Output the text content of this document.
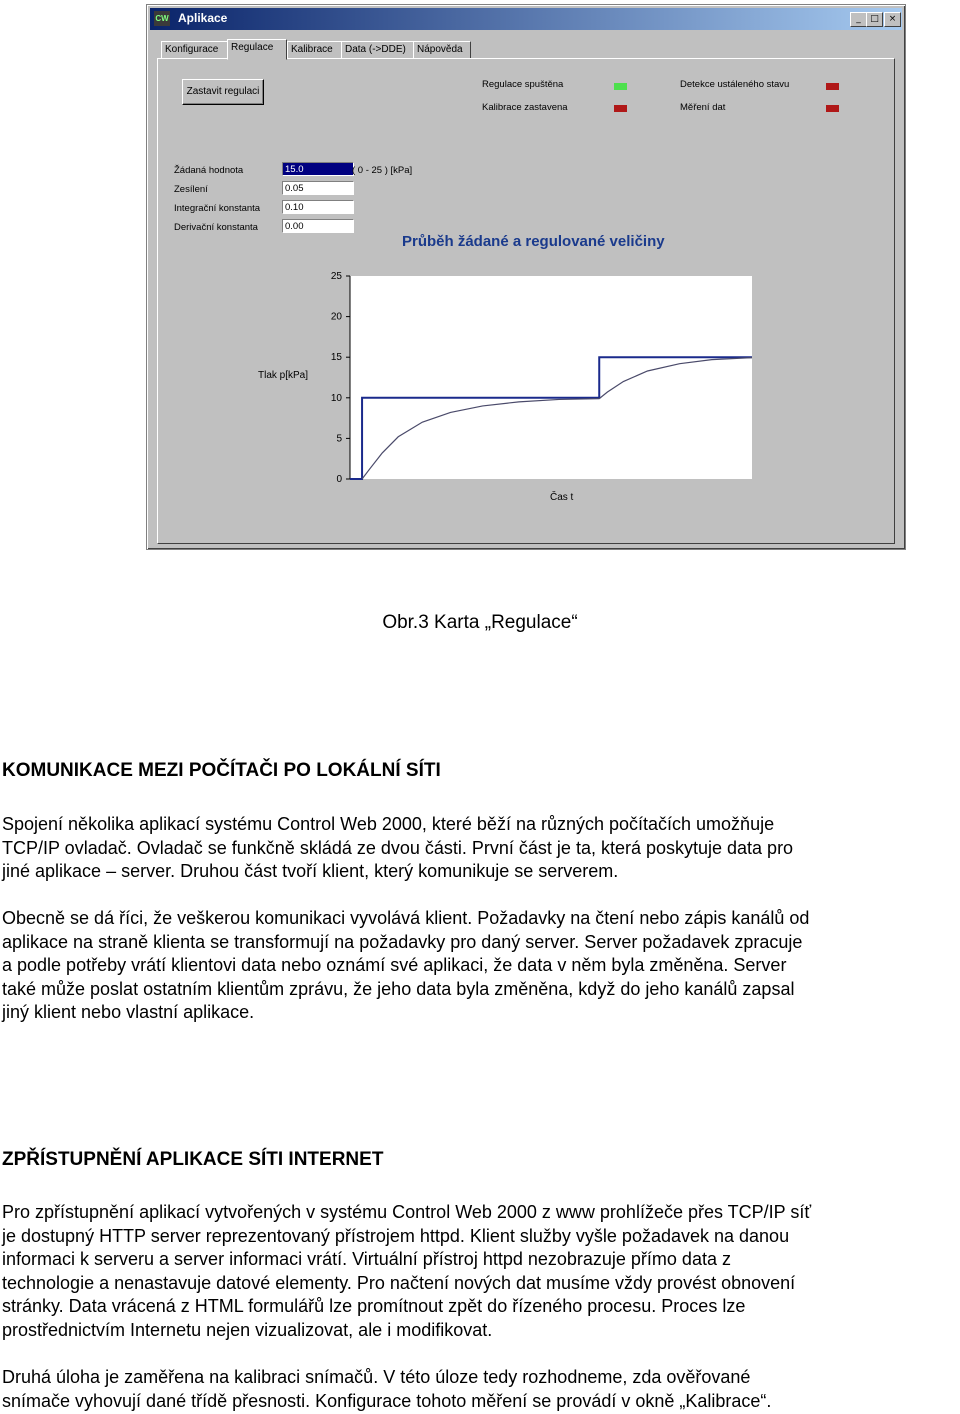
CW Aplikace	_	□	×
Konfigurace	Regulace	Kalibrace	Data (->DDE)	Nápověda
Zastavit regulaci
Regulace spuštěna
Kalibrace zastavena
Detekce ustáleného stavu
Měření dat
Žádaná hodnota	15.0	( 0 - 25 ) [kPa]
Zesílení	0.05
Integrační konstanta	0.10
Derivační konstanta	0.00
Průběh žádané a regulované veličiny
Tlak p[kPa]
Čas t
0
5
10
15
20
25
Obr.3 Karta „Regulace“
KOMUNIKACE MEZI POČÍTAČI PO LOKÁLNÍ SÍTI
Spojení několika aplikací systému Control Web 2000, které běží na různých počítačích umožňuje
TCP/IP ovladač. Ovladač se funkčně skládá ze dvou části. První část je ta, která poskytuje data pro
jiné aplikace – server. Druhou část tvoří klient, který komunikuje se serverem.
Obecně se dá říci, že veškerou komunikaci vyvolává klient. Požadavky na čtení nebo zápis kanálů od
aplikace na straně klienta se transformují na požadavky pro daný server. Server požadavek zpracuje
a podle potřeby vrátí klientovi data nebo oznámí své aplikaci, že data v něm byla změněna. Server
také může poslat ostatním klientům zprávu, že jeho data byla změněna, když do jeho kanálů zapsal
jiný klient nebo vlastní aplikace.
ZPŘÍSTUPNĚNÍ APLIKACE SÍTI INTERNET
Pro zpřístupnění aplikací vytvořených v systému Control Web 2000 z www prohlížeče přes TCP/IP síť
je dostupný HTTP server reprezentovaný přístrojem httpd. Klient služby vyšle požadavek na danou
informaci k serveru a server informaci vrátí. Virtuální přístroj httpd nezobrazuje přímo data z
technologie a nenastavuje datové elementy. Pro načtení nových dat musíme vždy provést obnovení
stránky. Data vrácená z HTML formulářů lze promítnout zpět do řízeného procesu. Proces lze
prostřednictvím Internetu nejen vizualizovat, ale i modifikovat.
Druhá úloha je zaměřena na kalibraci snímačů. V této úloze tedy rozhodneme, zda ověřované
snímače vyhovují dané třídě přesnosti. Konfigurace tohoto měření se provádí v okně „Kalibrace“.
